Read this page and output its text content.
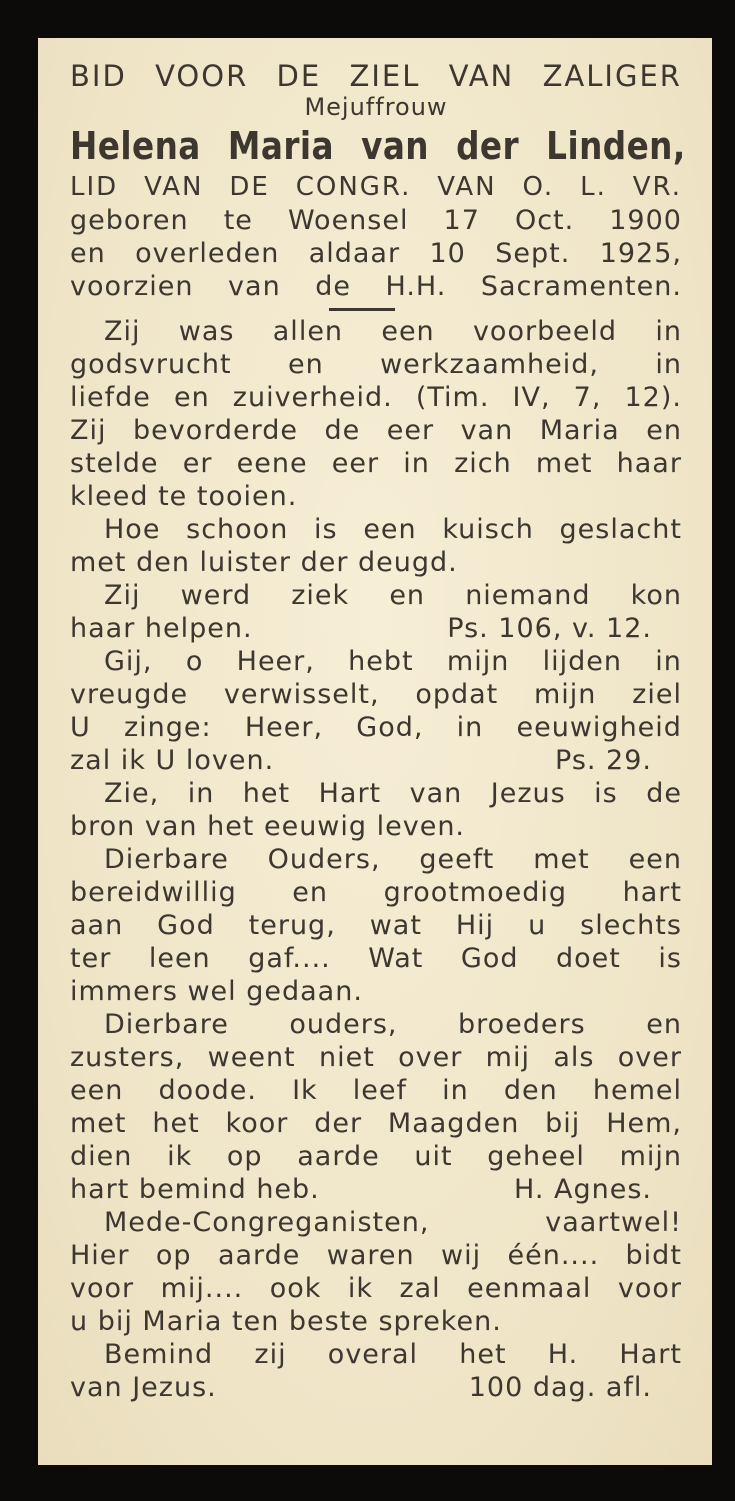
BID VOOR DE ZIEL VAN ZALIGER
Mejuffrouw
Helena Maria van der Linden,
LID VAN DE CONGR. VAN O. L. VR.
geboren te Woensel 17 Oct. 1900
en overleden aldaar 10 Sept. 1925,
voorzien van de H.H. Sacramenten.
Zij was allen een voorbeeld in
godsvrucht en werkzaamheid, in
liefde en zuiverheid. (Tim. IV, 7, 12).
Zij bevorderde de eer van Maria en
stelde er eene eer in zich met haar
kleed te tooien.
Hoe schoon is een kuisch geslacht
met den luister der deugd.
Zij werd ziek en niemand kon
haar helpen.	Ps. 106, v. 12.
Gij, o Heer, hebt mijn lijden in
vreugde verwisselt, opdat mijn ziel
U zinge: Heer, God, in eeuwigheid
zal ik U loven.	Ps. 29.
Zie, in het Hart van Jezus is de
bron van het eeuwig leven.
Dierbare Ouders, geeft met een
bereidwillig en grootmoedig hart
aan God terug, wat Hij u slechts
ter leen gaf.... Wat God doet is
immers wel gedaan.
Dierbare ouders, broeders en
zusters, weent niet over mij als over
een doode. Ik leef in den hemel
met het koor der Maagden bij Hem,
dien ik op aarde uit geheel mijn
hart bemind heb.	H. Agnes.
Mede-Congreganisten,	vaartwel!
Hier op aarde waren wij één.... bidt
voor mij.... ook ik zal eenmaal voor
u bij Maria ten beste spreken.
Bemind zij overal het H. Hart
van Jezus.	100 dag. afl.
